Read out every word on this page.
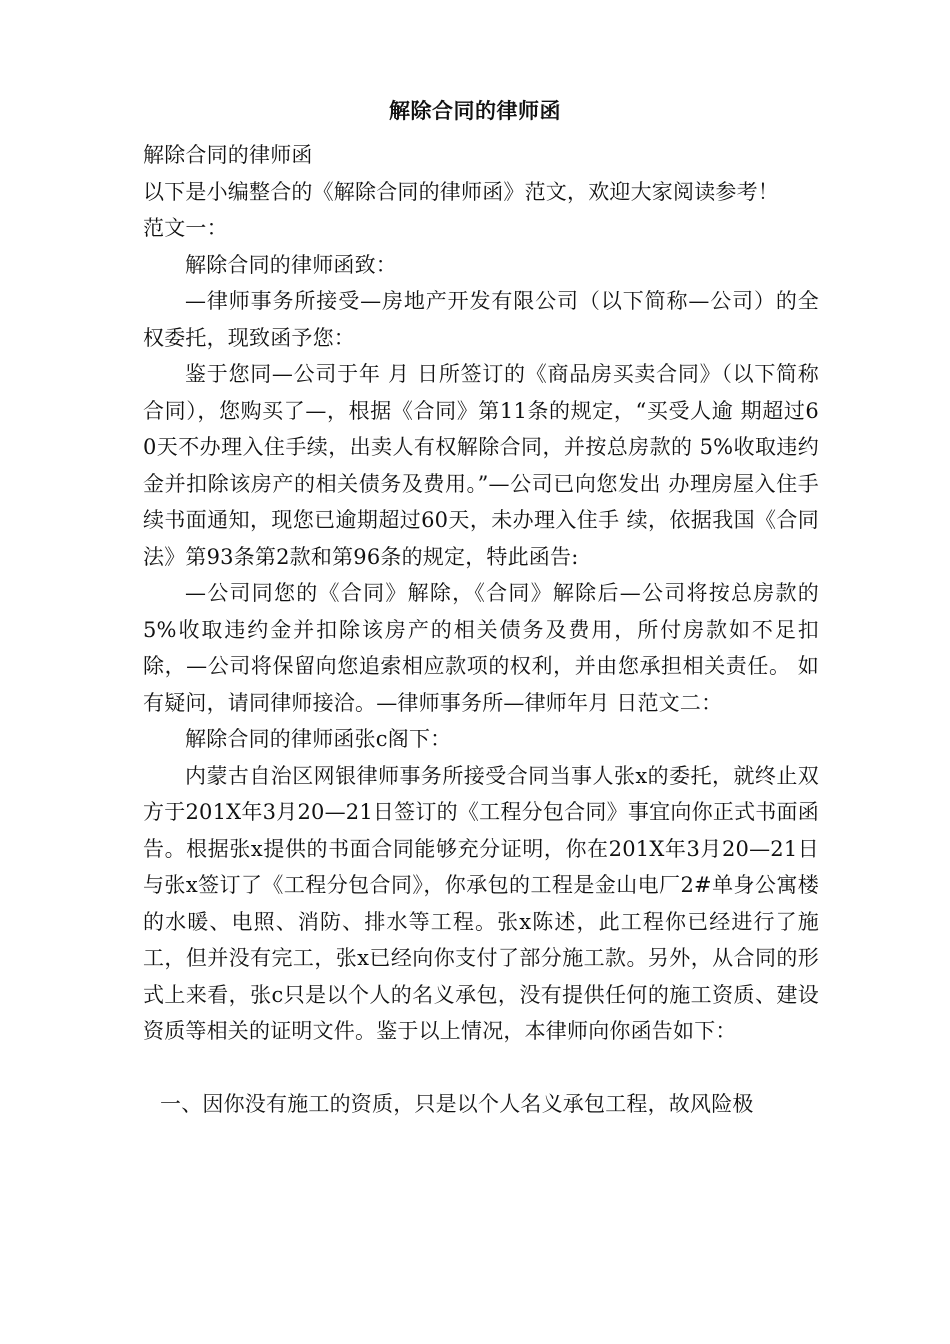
解除合同的律师函

解除合同的律师函

以下是小编整合的《解除合同的律师函》范文，欢迎大家阅读参考！

范文一：

解除合同的律师函致：

—律师事务所接受—房地产开发有限公司（以下简称—公司）的全权委托，现致函予您：

鉴于您同—公司于年 月 日所签订的《商品房买卖合同》（以下简称合同），您购买了—，根据《合同》第11条的规定，“买受人逾 期超过60天不办理入住手续，出卖人有权解除合同，并按总房款的 5%收取违约金并扣除该房产的相关债务及费用。”—公司已向您发出 办理房屋入住手续书面通知，现您已逾期超过60天，未办理入住手 续，依据我国《合同法》第93条第2款和第96条的规定，特此函告:

—公司同您的《合同》解除，《合同》解除后—公司将按总房款的 5%收取违约金并扣除该房产的相关债务及费用，所付房款如不足扣 除，—公司将保留向您追索相应款项的权利，并由您承担相关责任。 如有疑问，请同律师接洽。—律师事务所—律师年月 日范文二：

解除合同的律师函张c阁下：

内蒙古自治区网银律师事务所接受合同当事人张x的委托，就终止双方于201X年3月20—21日签订的《工程分包合同》事宜向你正式书面函告。根据张x提供的书面合同能够充分证明，你在201X年3月20—21日与张x签订了《工程分包合同》，你承包的工程是金山电厂2#单身公寓楼的水暖、电照、消防、排水等工程。张x陈述，此工程你已经进行了施工，但并没有完工，张x已经向你支付了部分施工款。另外，从合同的形式上来看，张c只是以个人的名义承包，没有提供任何的施工资质、建设资质等相关的证明文件。鉴于以上情况，本律师向你函告如下：

一、因你没有施工的资质，只是以个人名义承包工程，故风险极
